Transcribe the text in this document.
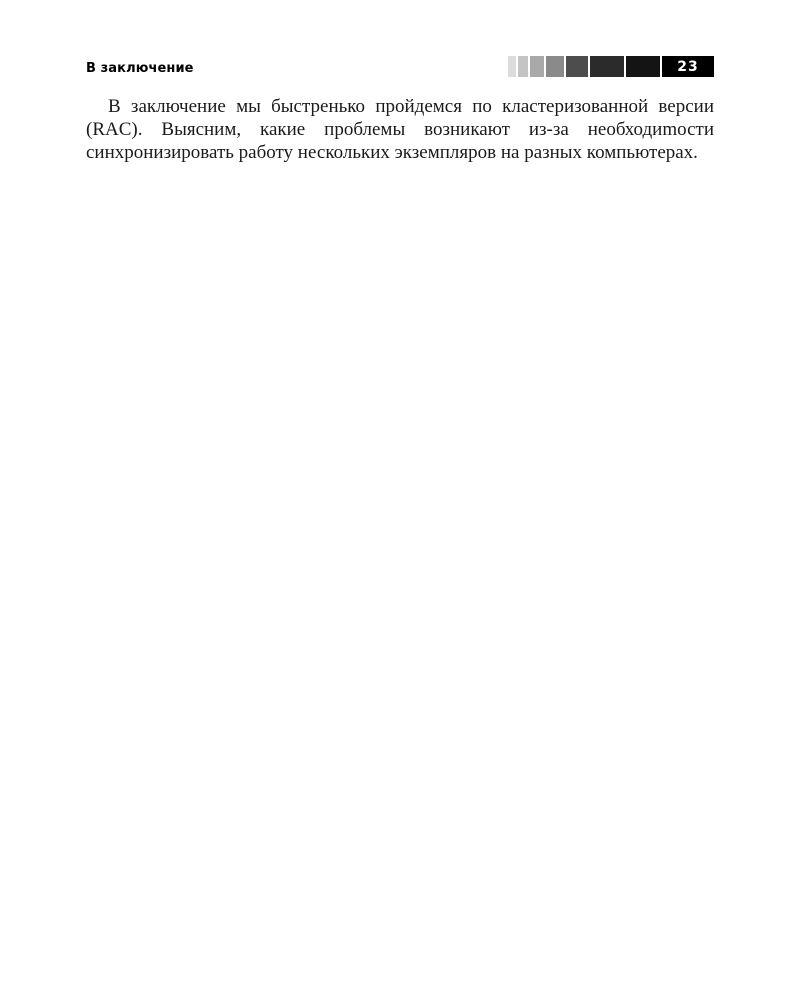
В заключение	23

В заключение мы быстренько пройдемся по кластеризованной версии (RAC). Выясним, какие проблемы возникают из-за необходиmости синхронизировать работу нескольких экземпляров на разных компьютерах.
